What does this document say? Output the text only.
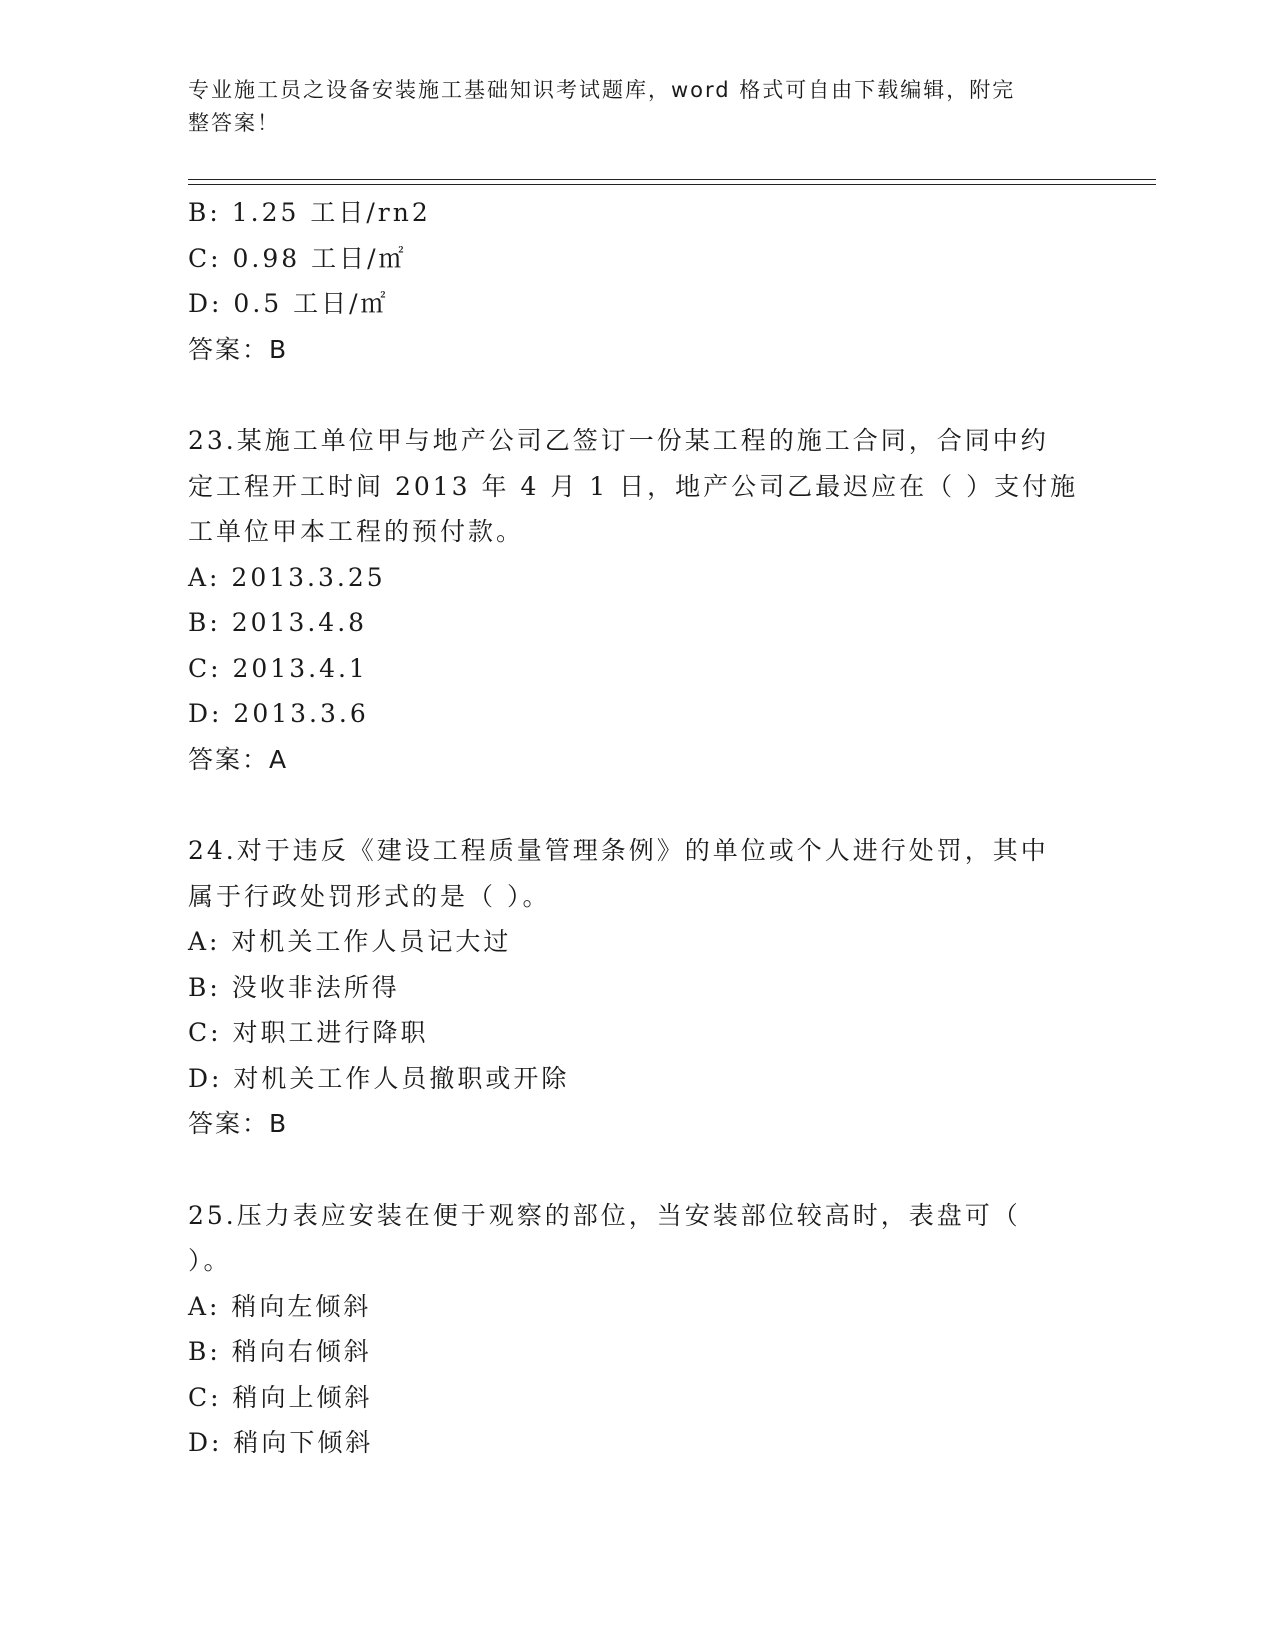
专业施工员之设备安装施工基础知识考试题库，word 格式可自由下载编辑，附完
整答案！
B: 1.25 工日/rn2
C: 0.98 工日/㎡
D: 0.5 工日/㎡
答案：B
23.某施工单位甲与地产公司乙签订一份某工程的施工合同，合同中约
定工程开工时间 2013 年 4 月 1 日，地产公司乙最迟应在（ ）支付施
工单位甲本工程的预付款。
A: 2013.3.25
B: 2013.4.8
C: 2013.4.1
D: 2013.3.6
答案：A
24.对于违反《建设工程质量管理条例》的单位或个人进行处罚，其中
属于行政处罚形式的是（ ）。
A: 对机关工作人员记大过
B: 没收非法所得
C: 对职工进行降职
D: 对机关工作人员撤职或开除
答案：B
25.压力表应安装在便于观察的部位，当安装部位较高时，表盘可（
）。
A: 稍向左倾斜
B: 稍向右倾斜
C: 稍向上倾斜
D: 稍向下倾斜
